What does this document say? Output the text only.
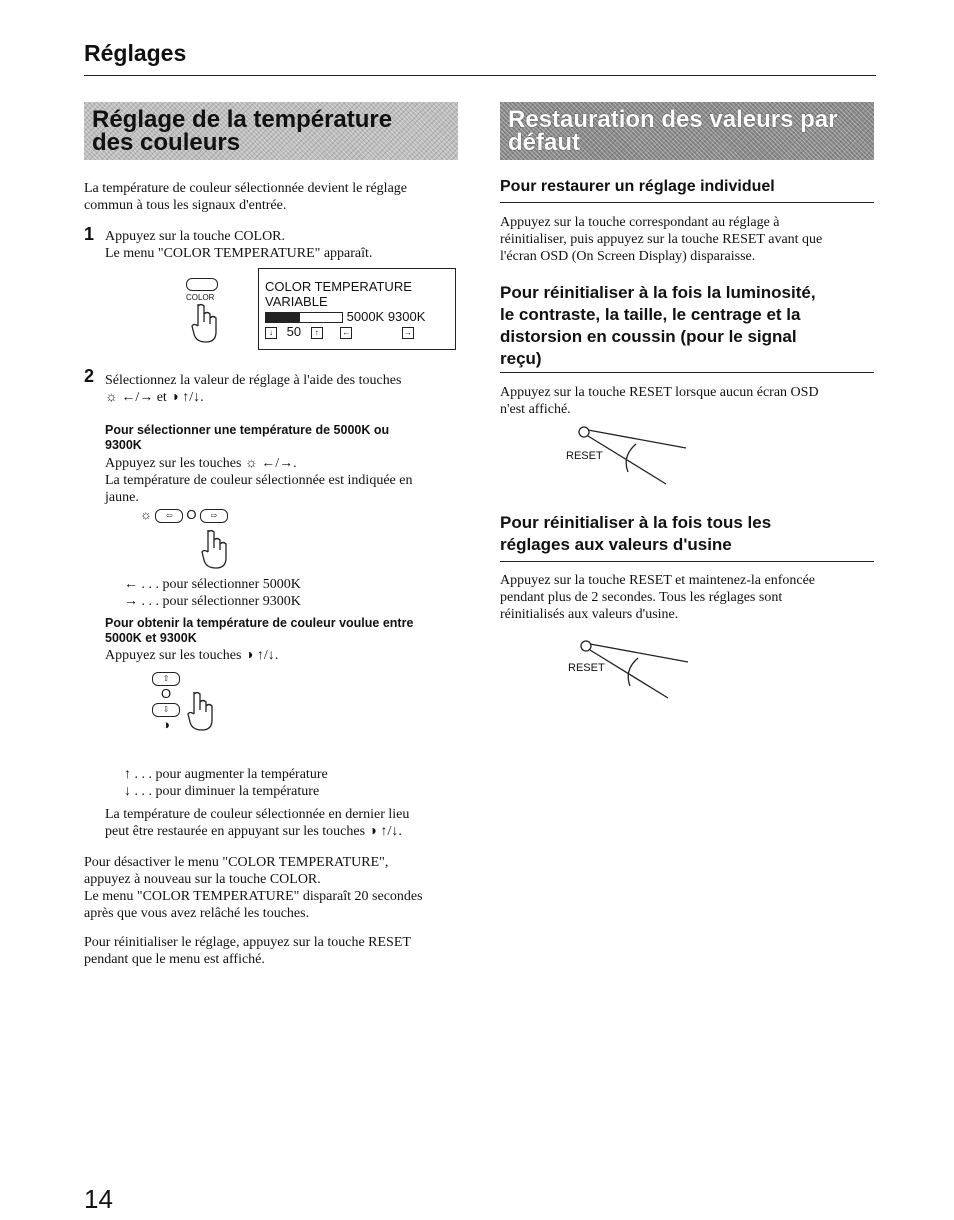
Réglages
Réglage de la température
des couleurs
La température de couleur sélectionnée devient le réglage
commun à tous les signaux d'entrée.
1 Appuyez sur la touche COLOR.
Le menu "COLOR TEMPERATURE" apparaît.
COLOR
COLOR TEMPERATURE
VARIABLE
5000K 9300K
↓ 50 ↑	←	→
2 Sélectionnez la valeur de réglage à l'aide des touches
☼ ←/→ et ◑ ↑/↓.
Pour sélectionner une température de 5000K ou
9300K
Appuyez sur les touches ☼ ←/→.
La température de couleur sélectionnée est indiquée en
jaune.
☼ ⇦ O ⇨
← . . . pour sélectionner 5000K
→ . . . pour sélectionner 9300K
Pour obtenir la température de couleur voulue entre
5000K et 9300K
Appuyez sur les touches ◑ ↑/↓.
⇧
O
⇩
◑
↑ . . . pour augmenter la température
↓ . . . pour diminuer la température
La température de couleur sélectionnée en dernier lieu
peut être restaurée en appuyant sur les touches ◑ ↑/↓.
Pour désactiver le menu "COLOR TEMPERATURE",
appuyez à nouveau sur la touche COLOR.
Le menu "COLOR TEMPERATURE" disparaît 20 secondes
après que vous avez relâché les touches.
Pour réinitialiser le réglage, appuyez sur la touche RESET
pendant que le menu est affiché.
Restauration des valeurs par
défaut
Pour restaurer un réglage individuel
Appuyez sur la touche correspondant au réglage à
réinitialiser, puis appuyez sur la touche RESET avant que
l'écran OSD (On Screen Display) disparaisse.
Pour réinitialiser à la fois la luminosité,
le contraste, la taille, le centrage et la
distorsion en coussin (pour le signal
reçu)
Appuyez sur la touche RESET lorsque aucun écran OSD
n'est affiché.
RESET
Pour réinitialiser à la fois tous les
réglages aux valeurs d'usine
Appuyez sur la touche RESET et maintenez-la enfoncée
pendant plus de 2 secondes. Tous les réglages sont
réinitialisés aux valeurs d'usine.
RESET
14
